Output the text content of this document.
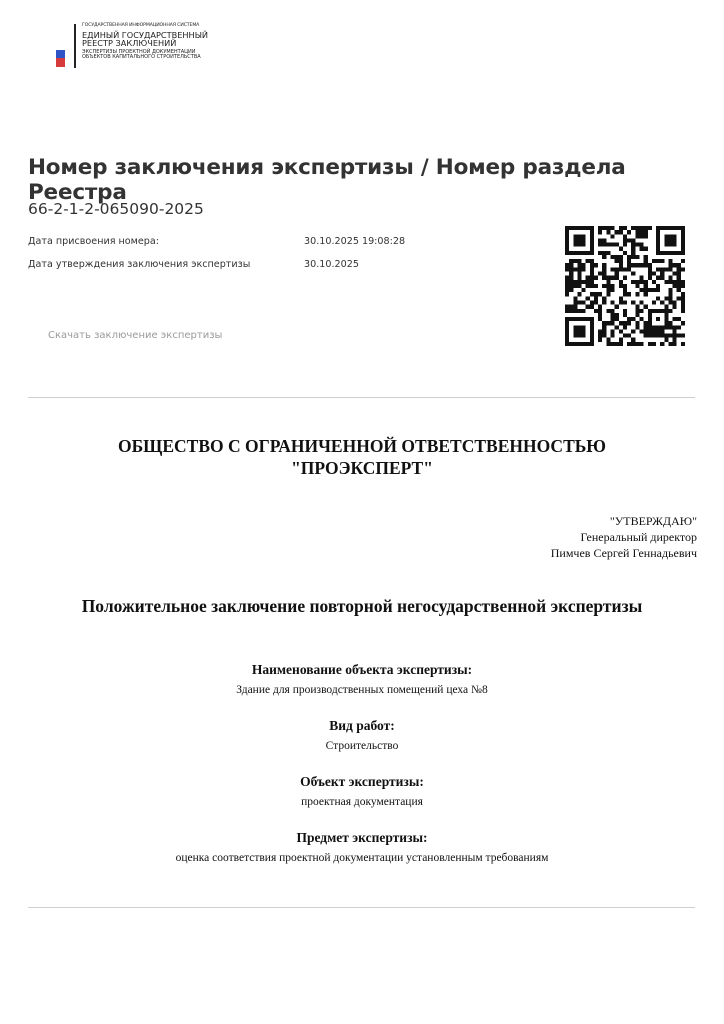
ГОСУДАРСТВЕННАЯ ИНФОРМАЦИОННАЯ СИСТЕМА
ЕДИНЫЙ ГОСУДАРСТВЕННЫЙ
РЕЕСТР ЗАКЛЮЧЕНИЙ
ЭКСПЕРТИЗЫ ПРОЕКТНОЙ ДОКУМЕНТАЦИИ
ОБЪЕКТОВ КАПИТАЛЬНОГО СТРОИТЕЛЬСТВА
Номер заключения экспертизы / Номер раздела Реестра
66-2-1-2-065090-2025
Дата присвоения номера:	30.10.2025 19:08:28
Дата утверждения заключения экспертизы	30.10.2025
Скачать заключение экспертизы
ОБЩЕСТВО С ОГРАНИЧЕННОЙ ОТВЕТСТВЕННОСТЬЮ
"ПРОЭКСПЕРТ"
"УТВЕРЖДАЮ"
Генеральный директор
Пимчев Сергей Геннадьевич
Положительное заключение повторной негосударственной экспертизы
Наименование объекта экспертизы:
Здание для производственных помещений цеха №8
Вид работ:
Строительство
Объект экспертизы:
проектная документация
Предмет экспертизы:
оценка соответствия проектной документации установленным требованиям
